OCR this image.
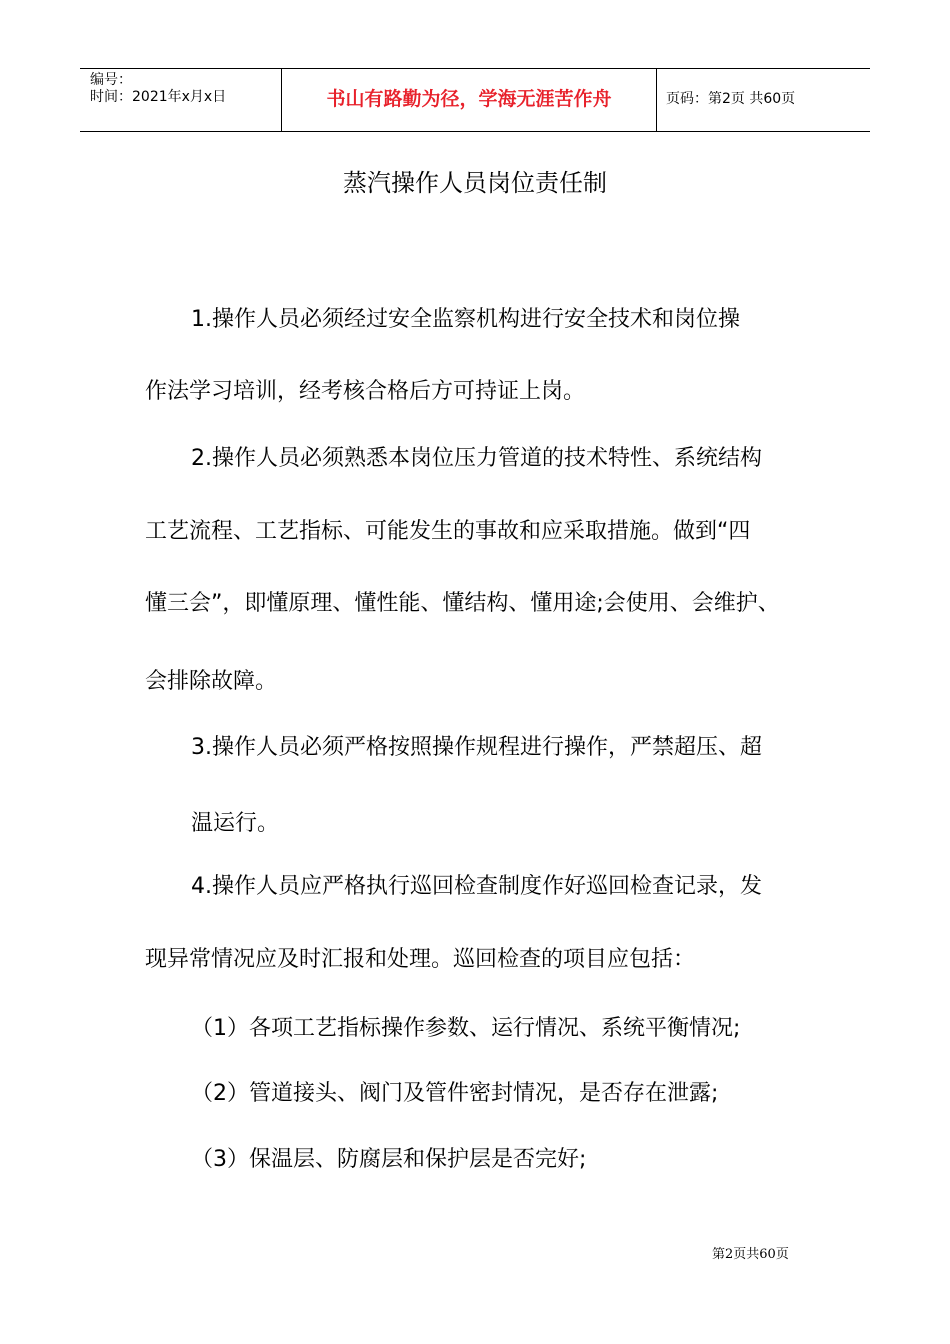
编号：
时间：2021年x月x日	书山有路勤为径，学海无涯苦作舟	页码：第2页 共60页
蒸汽操作人员岗位责任制
1.操作人员必须经过安全监察机构进行安全技术和岗位操
作法学习培训，经考核合格后方可持证上岗。
2.操作人员必须熟悉本岗位压力管道的技术特性、系统结构
工艺流程、工艺指标、可能发生的事故和应采取措施。做到“四
懂三会”，即懂原理、懂性能、懂结构、懂用途;会使用、会维护、
会排除故障。
3.操作人员必须严格按照操作规程进行操作，严禁超压、超
温运行。
4.操作人员应严格执行巡回检查制度作好巡回检查记录，发
现异常情况应及时汇报和处理。巡回检查的项目应包括：
（1）各项工艺指标操作参数、运行情况、系统平衡情况;
（2）管道接头、阀门及管件密封情况，是否存在泄露;
（3）保温层、防腐层和保护层是否完好;
第2页共60页
